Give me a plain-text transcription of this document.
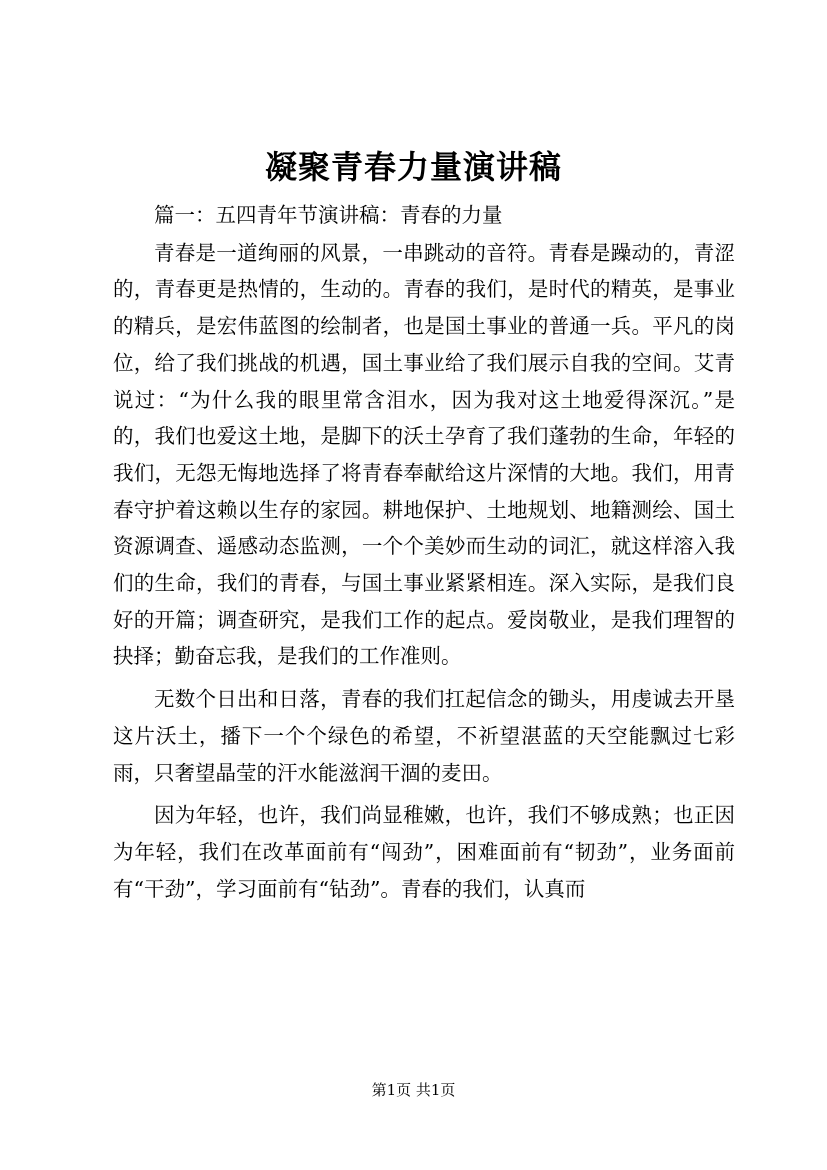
凝聚青春力量演讲稿

篇一：五四青年节演讲稿：青春的力量

青春是一道绚丽的风景，一串跳动的音符。青春是躁动的，青涩的，青春更是热情的，生动的。青春的我们，是时代的精英，是事业的精兵，是宏伟蓝图的绘制者，也是国土事业的普通一兵。平凡的岗位，给了我们挑战的机遇，国土事业给了我们展示自我的空间。艾青说过：“为什么我的眼里常含泪水，因为我对这土地爱得深沉。”是的，我们也爱这土地，是脚下的沃土孕育了我们蓬勃的生命，年轻的我们，无怨无悔地选择了将青春奉献给这片深情的大地。我们，用青春守护着这赖以生存的家园。耕地保护、土地规划、地籍测绘、国土资源调查、遥感动态监测，一个个美妙而生动的词汇，就这样溶入我们的生命，我们的青春，与国土事业紧紧相连。深入实际，是我们良好的开篇；调查研究，是我们工作的起点。爱岗敬业，是我们理智的抉择；勤奋忘我，是我们的工作准则。

无数个日出和日落，青春的我们扛起信念的锄头，用虔诚去开垦这片沃土，播下一个个绿色的希望，不祈望湛蓝的天空能飘过七彩雨，只奢望晶莹的汗水能滋润干涸的麦田。

因为年轻，也许，我们尚显稚嫩，也许，我们不够成熟；也正因为年轻，我们在改革面前有“闯劲”，困难面前有“韧劲”，业务面前有“干劲”，学习面前有“钻劲”。青春的我们，认真而

第1页 共1页
